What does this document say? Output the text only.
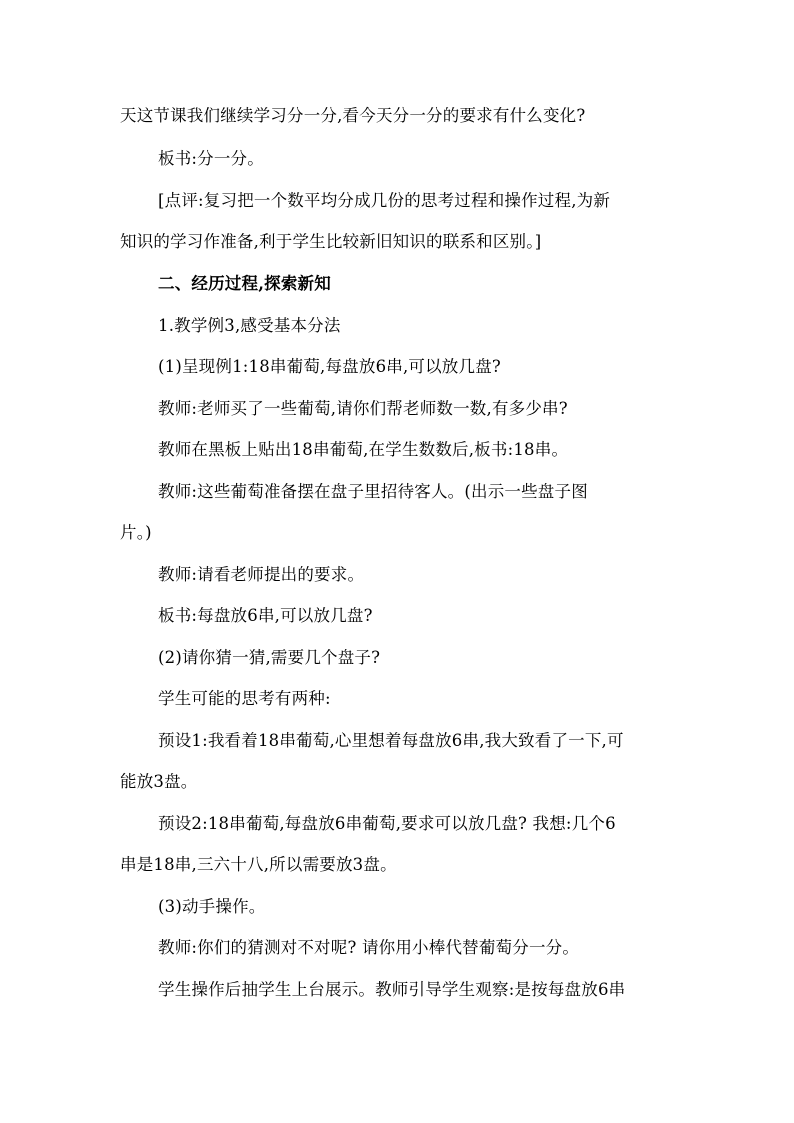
天这节课我们继续学习分一分,看今天分一分的要求有什么变化?
板书:分一分。
[点评:复习把一个数平均分成几份的思考过程和操作过程,为新
知识的学习作准备,利于学生比较新旧知识的联系和区别。]
二、经历过程,探索新知
1.教学例3,感受基本分法
(1)呈现例1:18串葡萄,每盘放6串,可以放几盘?
教师:老师买了一些葡萄,请你们帮老师数一数,有多少串?
教师在黑板上贴出18串葡萄,在学生数数后,板书:18串。
教师:这些葡萄准备摆在盘子里招待客人。(出示一些盘子图
片。)
教师:请看老师提出的要求。
板书:每盘放6串,可以放几盘?
(2)请你猜一猜,需要几个盘子?
学生可能的思考有两种:
预设1:我看着18串葡萄,心里想着每盘放6串,我大致看了一下,可
能放3盘。
预设2:18串葡萄,每盘放6串葡萄,要求可以放几盘? 我想:几个6
串是18串,三六十八,所以需要放3盘。
(3)动手操作。
教师:你们的猜测对不对呢? 请你用小棒代替葡萄分一分。
学生操作后抽学生上台展示。教师引导学生观察:是按每盘放6串
